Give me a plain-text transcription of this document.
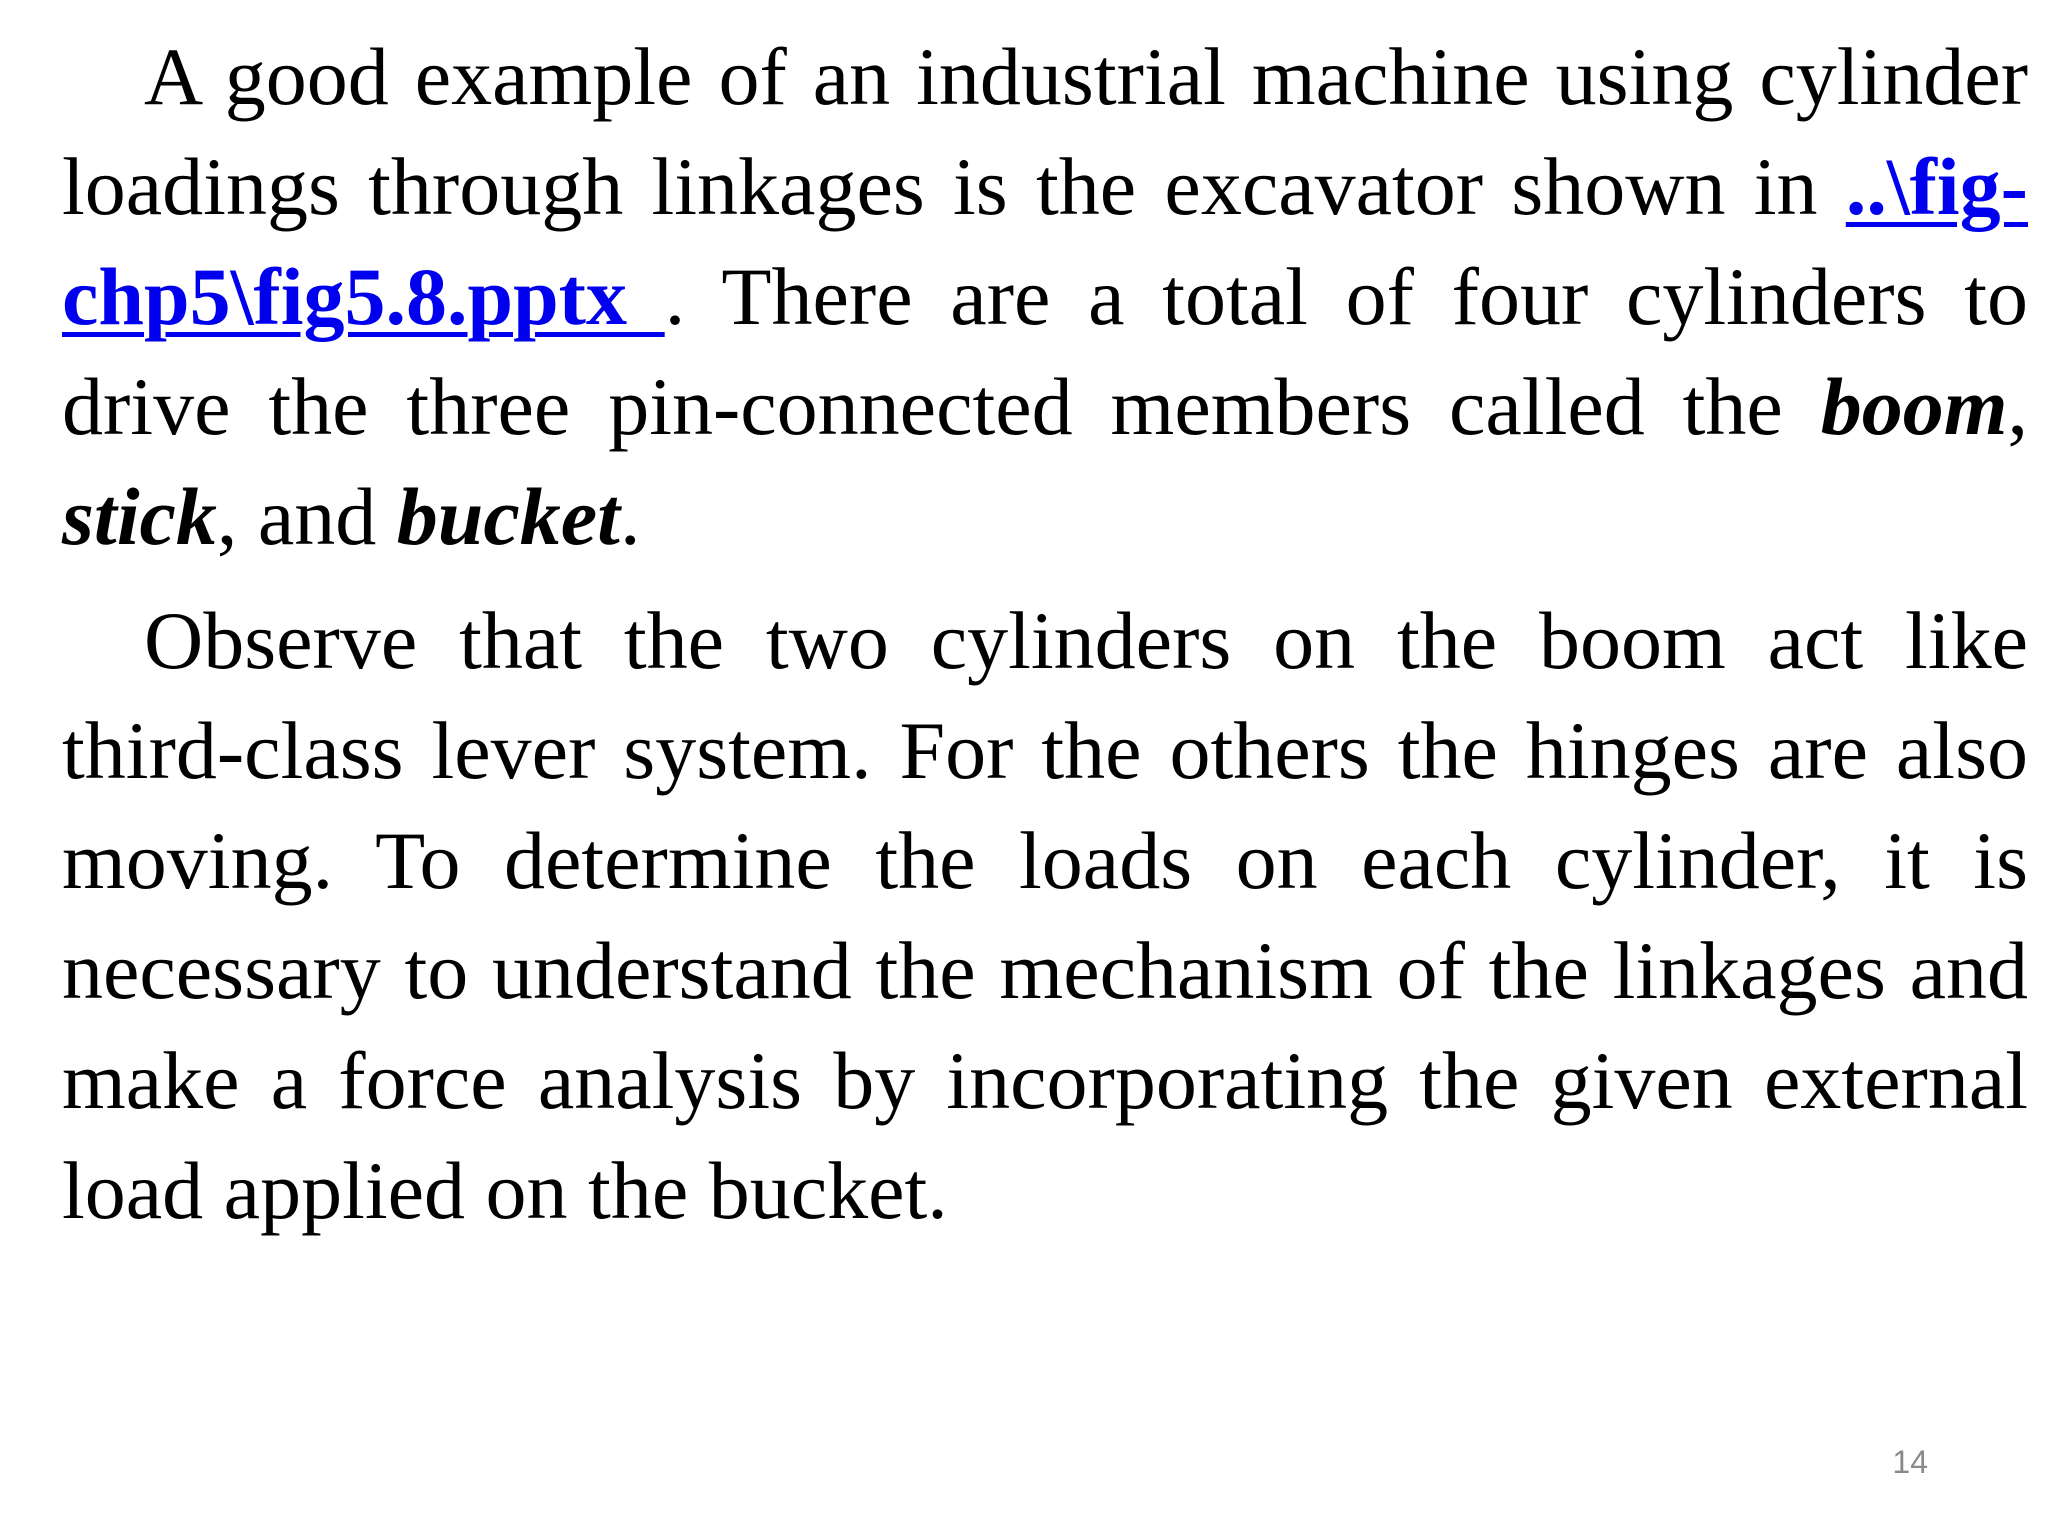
A good example of an industrial machine using cylinder loadings through linkages is the excavator shown in ..\fig-chp5\fig5.8.pptx . There are a total of four cylinders to drive the three pin-connected members called the boom, stick, and bucket.

Observe that the two cylinders on the boom act like third-class lever system. For the others the hinges are also moving. To determine the loads on each cylinder, it is necessary to understand the mechanism of the linkages and make a force analysis by incorporating the given external load applied on the bucket.

14
